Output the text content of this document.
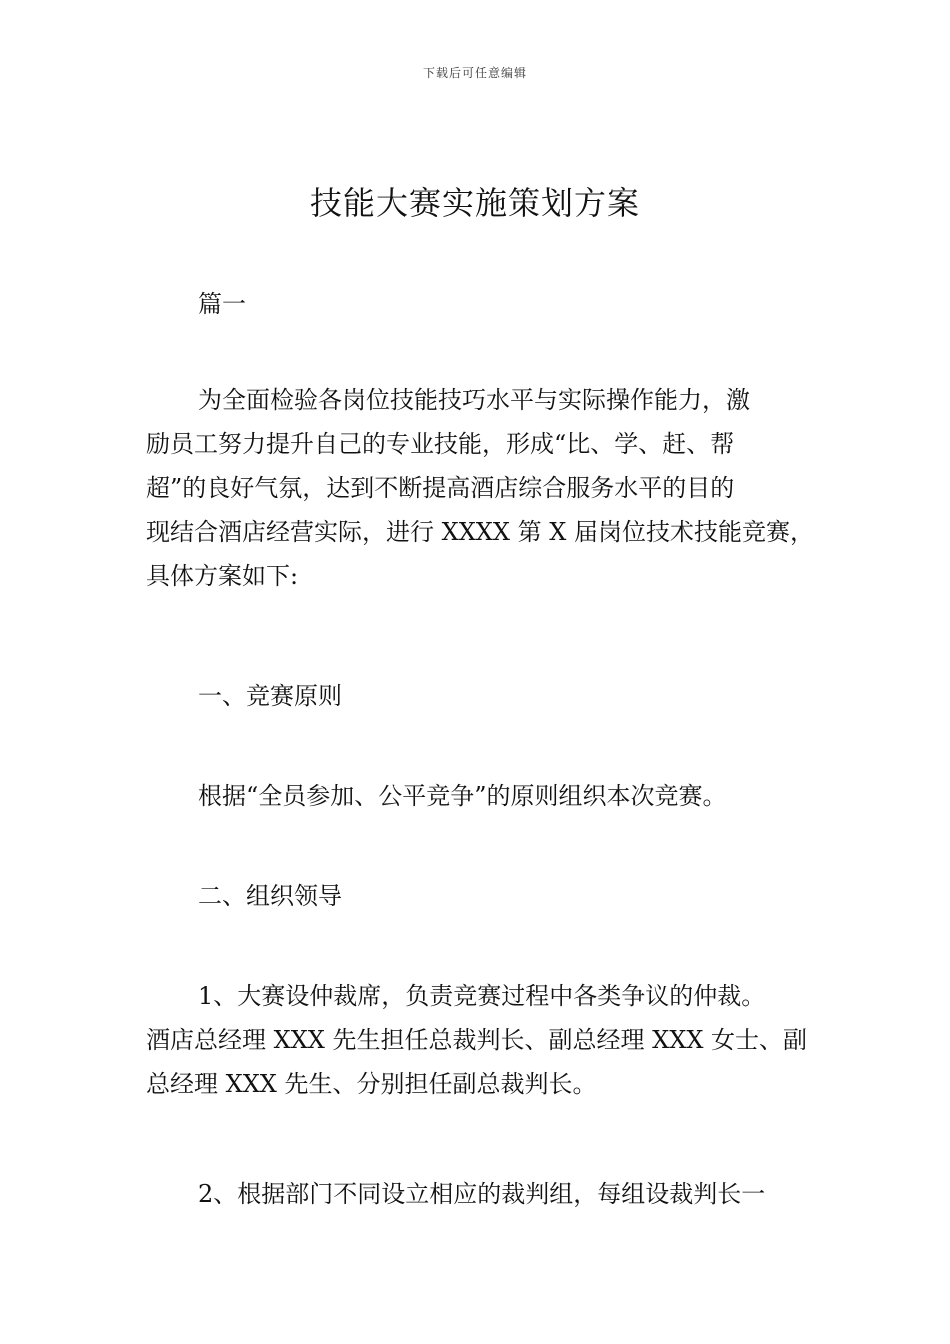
下载后可任意编辑
技能大赛实施策划方案
篇一
为全面检验各岗位技能技巧水平与实际操作能力，激
励员工努力提升自己的专业技能，形成“比、学、赶、帮
超”的良好气氛，达到不断提高酒店综合服务水平的目的
现结合酒店经营实际，进行 XXXX 第 X 届岗位技术技能竞赛，
具体方案如下:
一、竞赛原则
根据“全员参加、公平竞争”的原则组织本次竞赛。
二、组织领导
1、大赛设仲裁席，负责竞赛过程中各类争议的仲裁。
酒店总经理 XXX 先生担任总裁判长、副总经理 XXX 女士、副
总经理 XXX 先生、分别担任副总裁判长。
2、根据部门不同设立相应的裁判组，每组设裁判长一
